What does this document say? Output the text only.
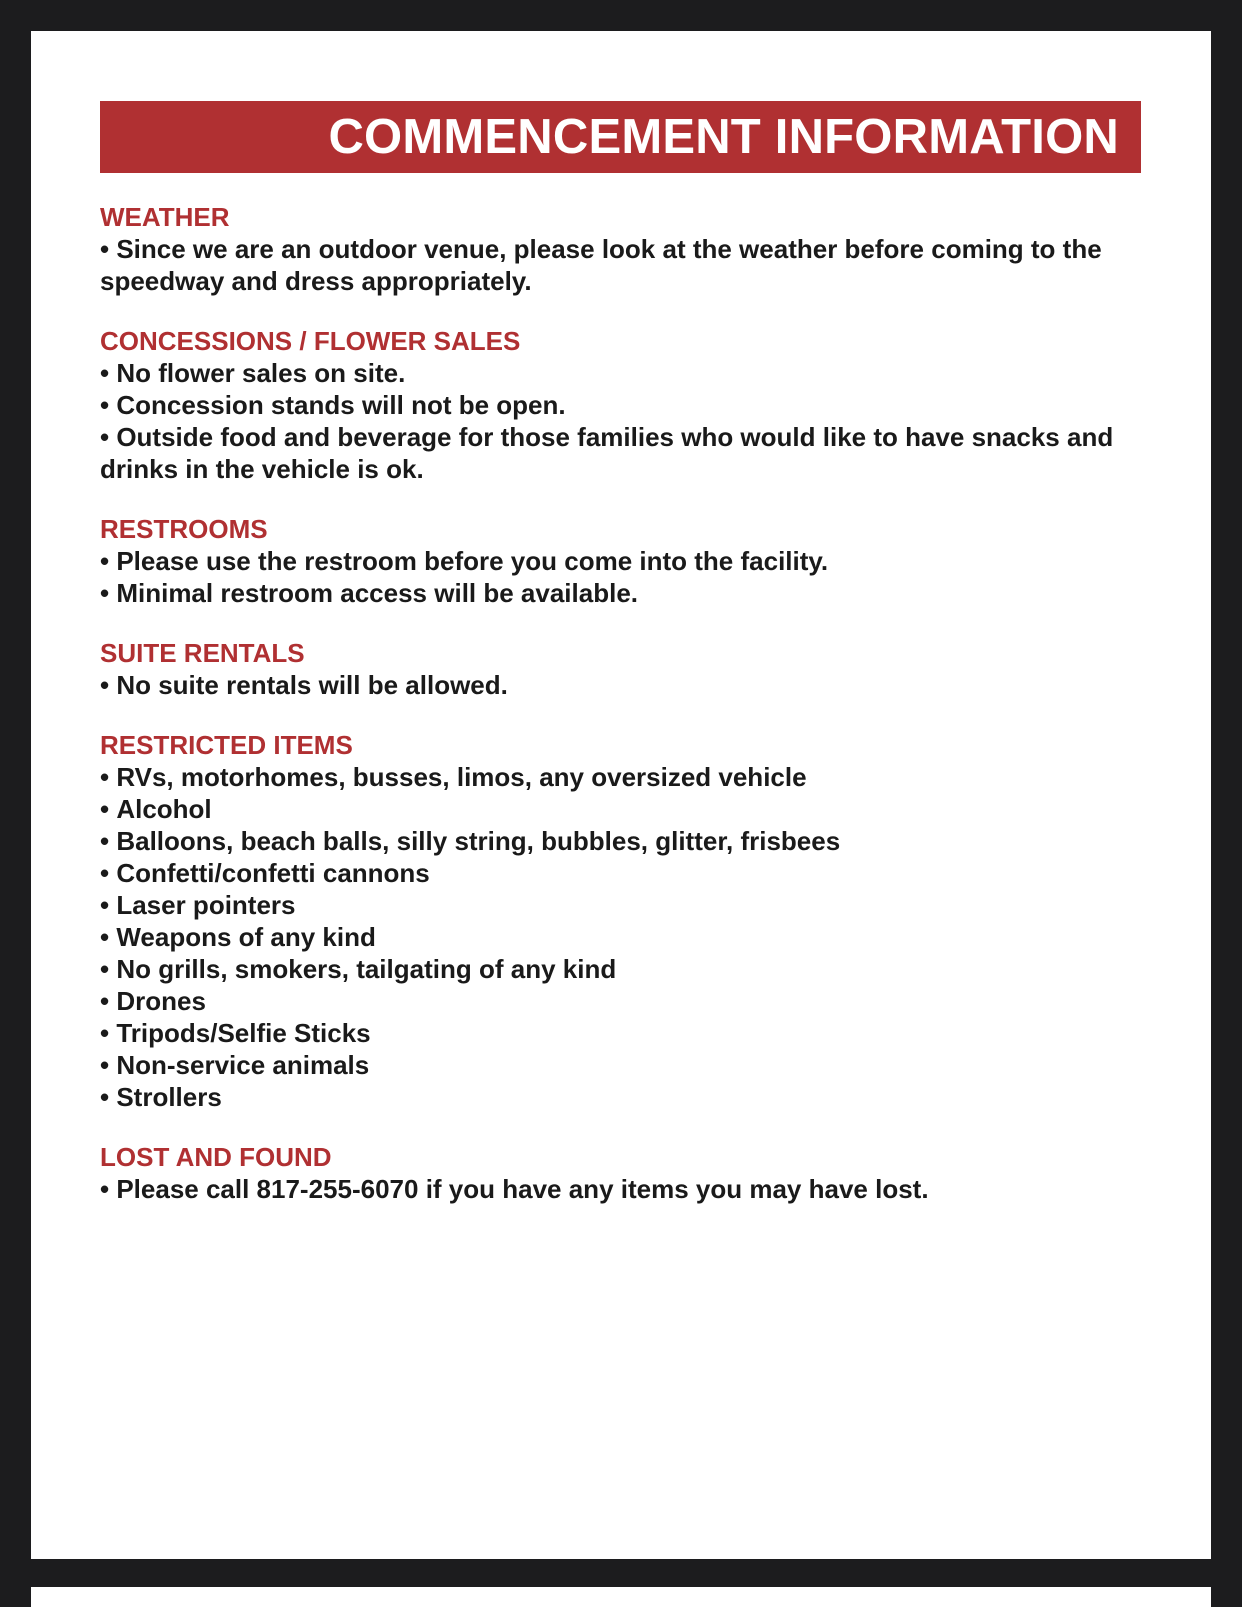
COMMENCEMENT INFORMATION
WEATHER
• Since we are an outdoor venue, please look at the weather before coming to the speedway and dress appropriately.
CONCESSIONS / FLOWER SALES
• No flower sales on site.
• Concession stands will not be open.
• Outside food and beverage for those families who would like to have snacks and drinks in the vehicle is ok.
RESTROOMS
• Please use the restroom before you come into the facility.
• Minimal restroom access will be available.
SUITE RENTALS
• No suite rentals will be allowed.
RESTRICTED ITEMS
• RVs, motorhomes, busses, limos, any oversized vehicle
• Alcohol
• Balloons, beach balls, silly string, bubbles, glitter, frisbees
• Confetti/confetti cannons
• Laser pointers
• Weapons of any kind
• No grills, smokers, tailgating of any kind
• Drones
• Tripods/Selfie Sticks
• Non-service animals
• Strollers
LOST AND FOUND
• Please call 817-255-6070 if you have any items you may have lost.
